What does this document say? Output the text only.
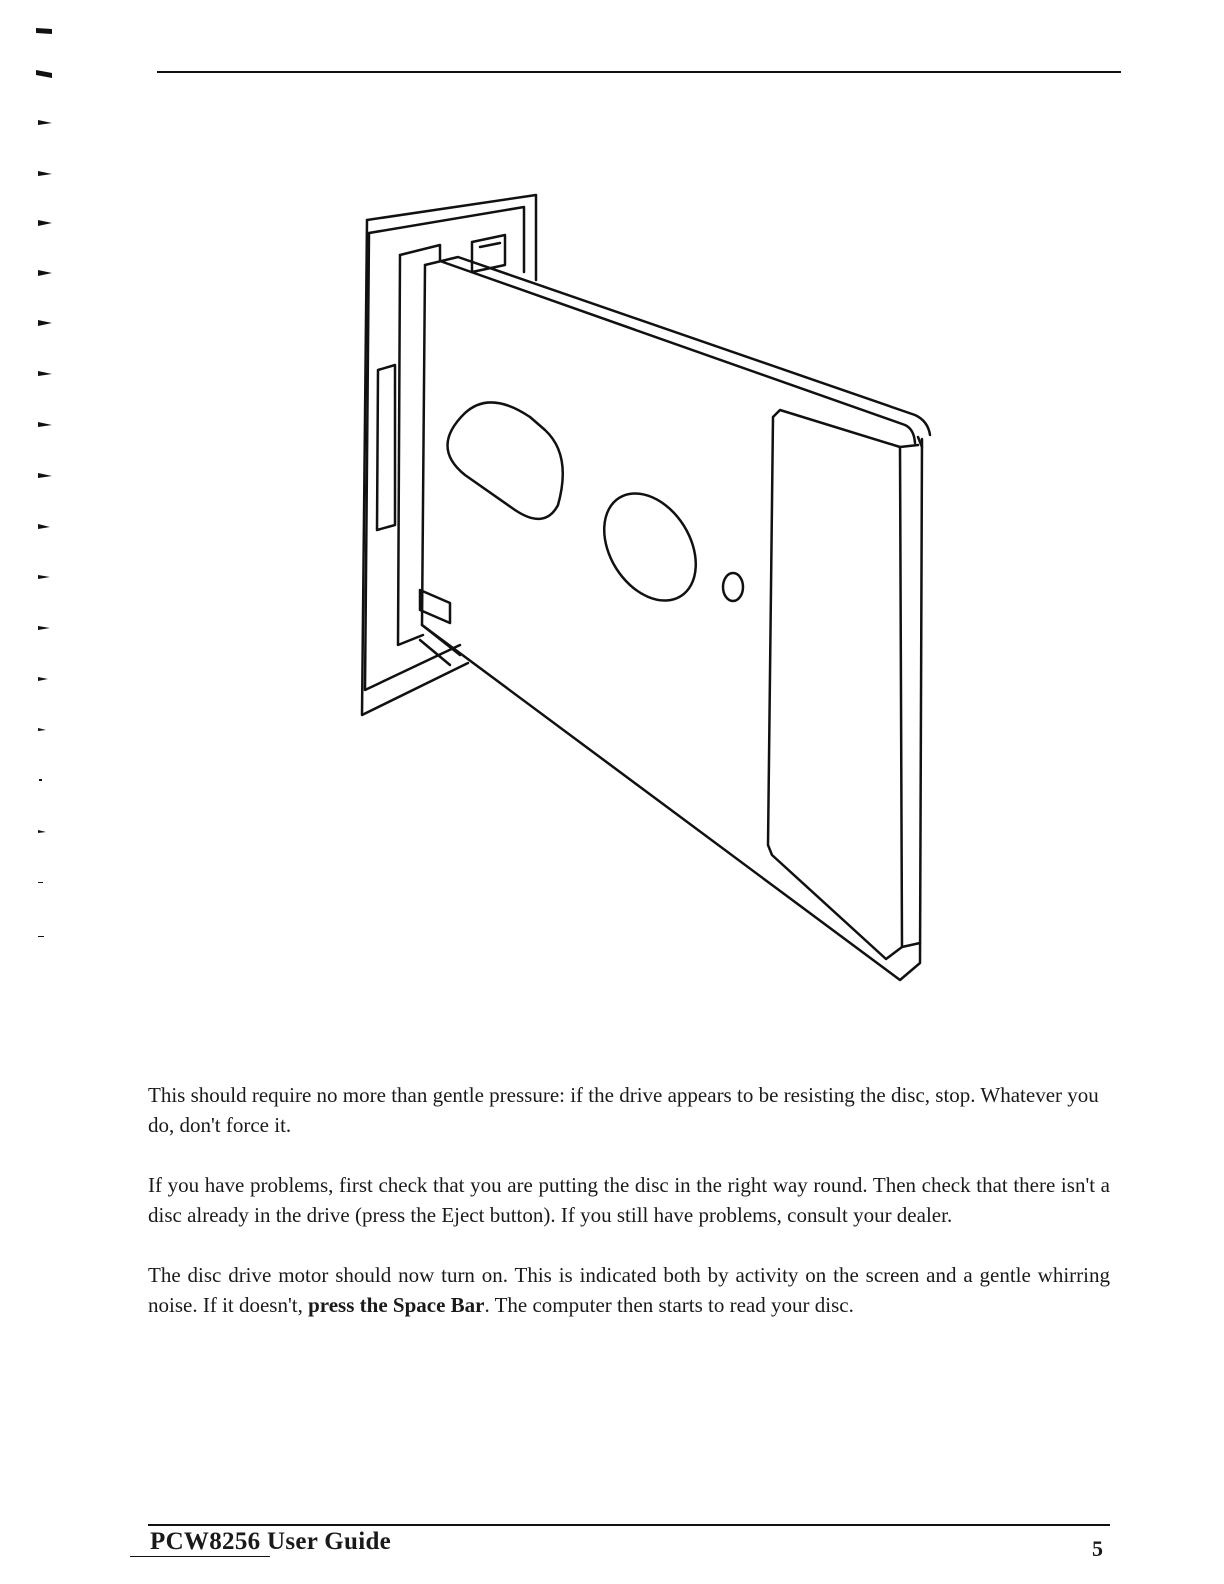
This should require no more than gentle pressure: if the drive appears to be resisting the disc, stop. Whatever you do, don't force it.

If you have problems, first check that you are putting the disc in the right way round. Then check that there isn't a disc already in the drive (press the Eject button). If you still have problems, consult your dealer.

The disc drive motor should now turn on. This is indicated both by activity on the screen and a gentle whirring noise. If it doesn't, press the Space Bar. The computer then starts to read your disc.

PCW8256 User Guide	5
